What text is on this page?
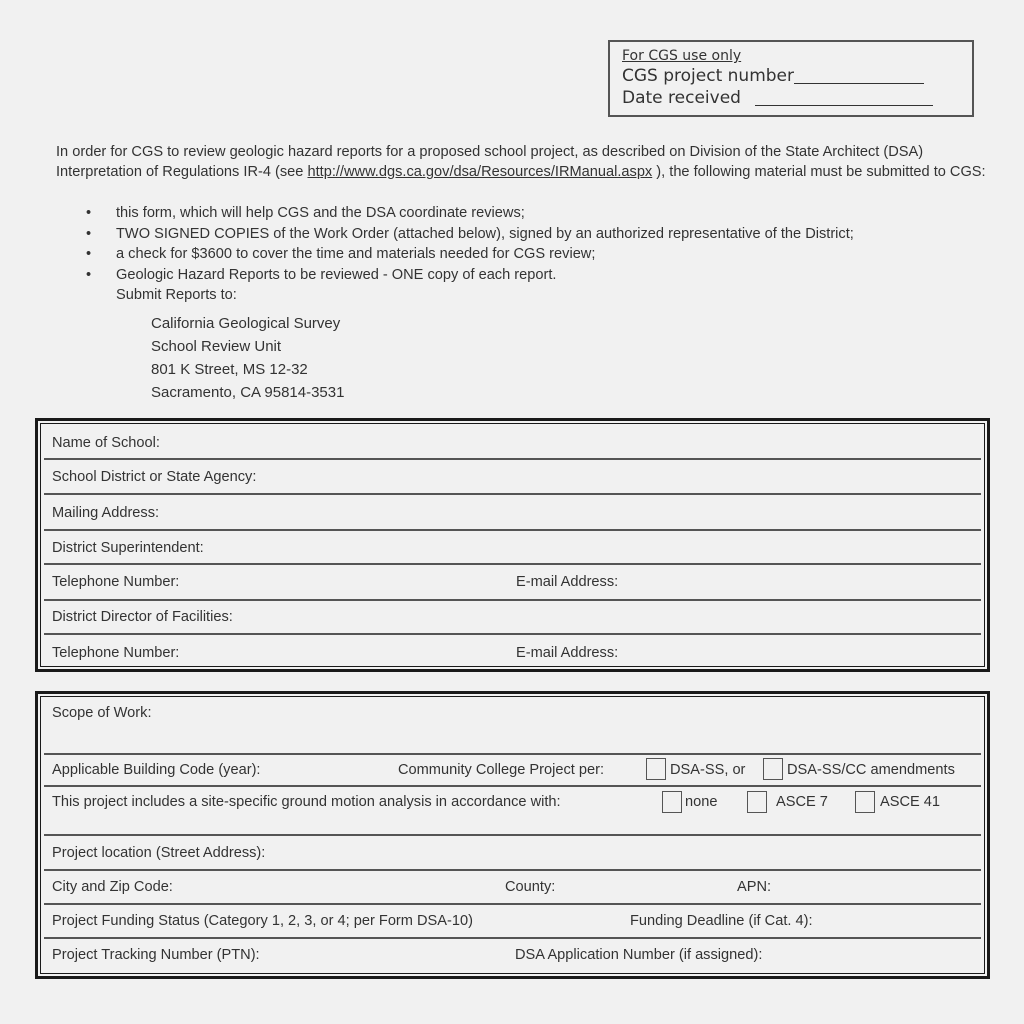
For CGS use only
CGS project number
Date received
In order for CGS to review geologic hazard reports for a proposed school project, as described on Division of the State Architect (DSA) Interpretation of Regulations IR-4 (see http://www.dgs.ca.gov/dsa/Resources/IRManual.aspx ), the following material must be submitted to CGS:
•	this form, which will help CGS and the DSA coordinate reviews;
•	TWO SIGNED COPIES of the Work Order (attached below), signed by an authorized representative of the District;
•	a check for $3600 to cover the time and materials needed for CGS review;
•	Geologic Hazard Reports to be reviewed - ONE copy of each report.
Submit Reports to:
California Geological Survey
School Review Unit
801 K Street, MS 12-32
Sacramento, CA 95814-3531
Name of School:
School District or State Agency:
Mailing Address:
District Superintendent:
Telephone Number:	E-mail Address:
District Director of Facilities:
Telephone Number:	E-mail Address:
Scope of Work:
Applicable Building Code (year):	Community College Project per:	DSA-SS, or	DSA-SS/CC amendments
This project includes a site-specific ground motion analysis in accordance with:	none	ASCE 7	ASCE 41
Project location (Street Address):
City and Zip Code:	County:	APN:
Project Funding Status (Category 1, 2, 3, or 4; per Form DSA-10)	Funding Deadline (if Cat. 4):
Project Tracking Number (PTN):	DSA Application Number (if assigned):
